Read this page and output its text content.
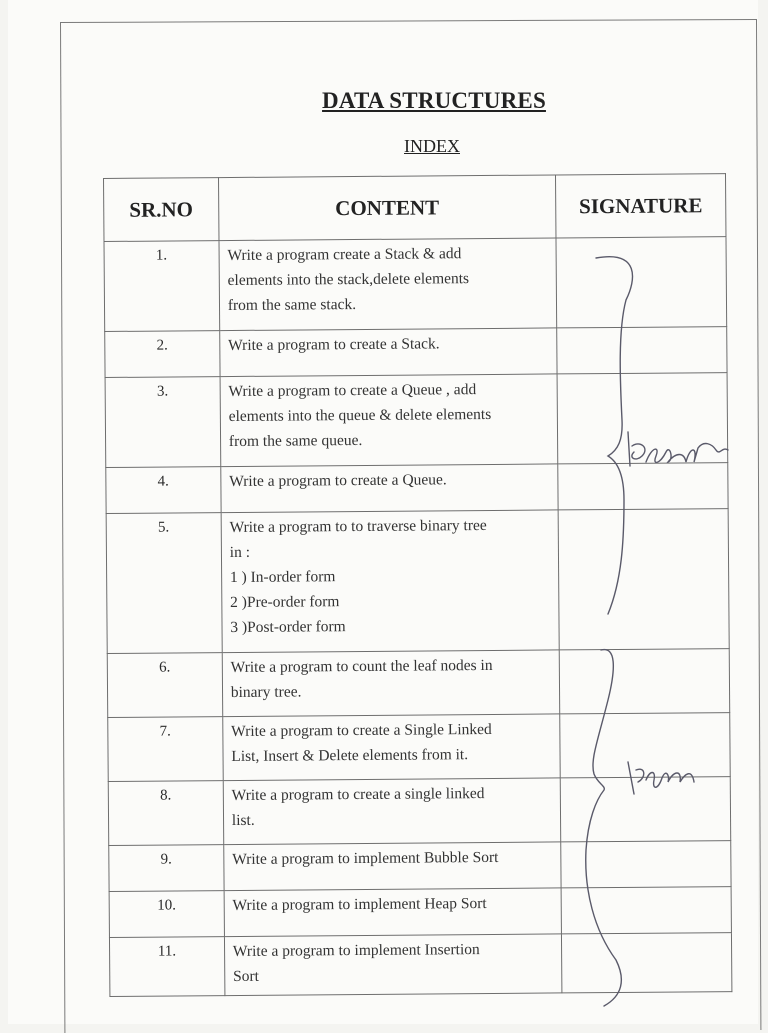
DATA STRUCTURES
INDEX
SR.NO	CONTENT	SIGNATURE
1.	Write a program create a Stack & add
elements into the stack,delete elements
from the same stack.	

2.	Write a program to create a Stack.	

3.	Write a program to create a Queue , add
elements into the queue & delete elements
from the same queue.	

4.	Write a program to create a Queue.	

5.	Write a program to to traverse binary tree
in :
1 ) In-order form
2 )Pre-order form
3 )Post-order form	

6.	Write a program to count the leaf nodes in
binary tree.	

7.	Write a program to create a Single Linked
List, Insert & Delete elements from it.	

8.	Write a program to create a single linked
list.	

9.	Write a program to implement Bubble Sort	

10.	Write a program to implement Heap Sort	

11.	Write a program to implement Insertion
Sort	
